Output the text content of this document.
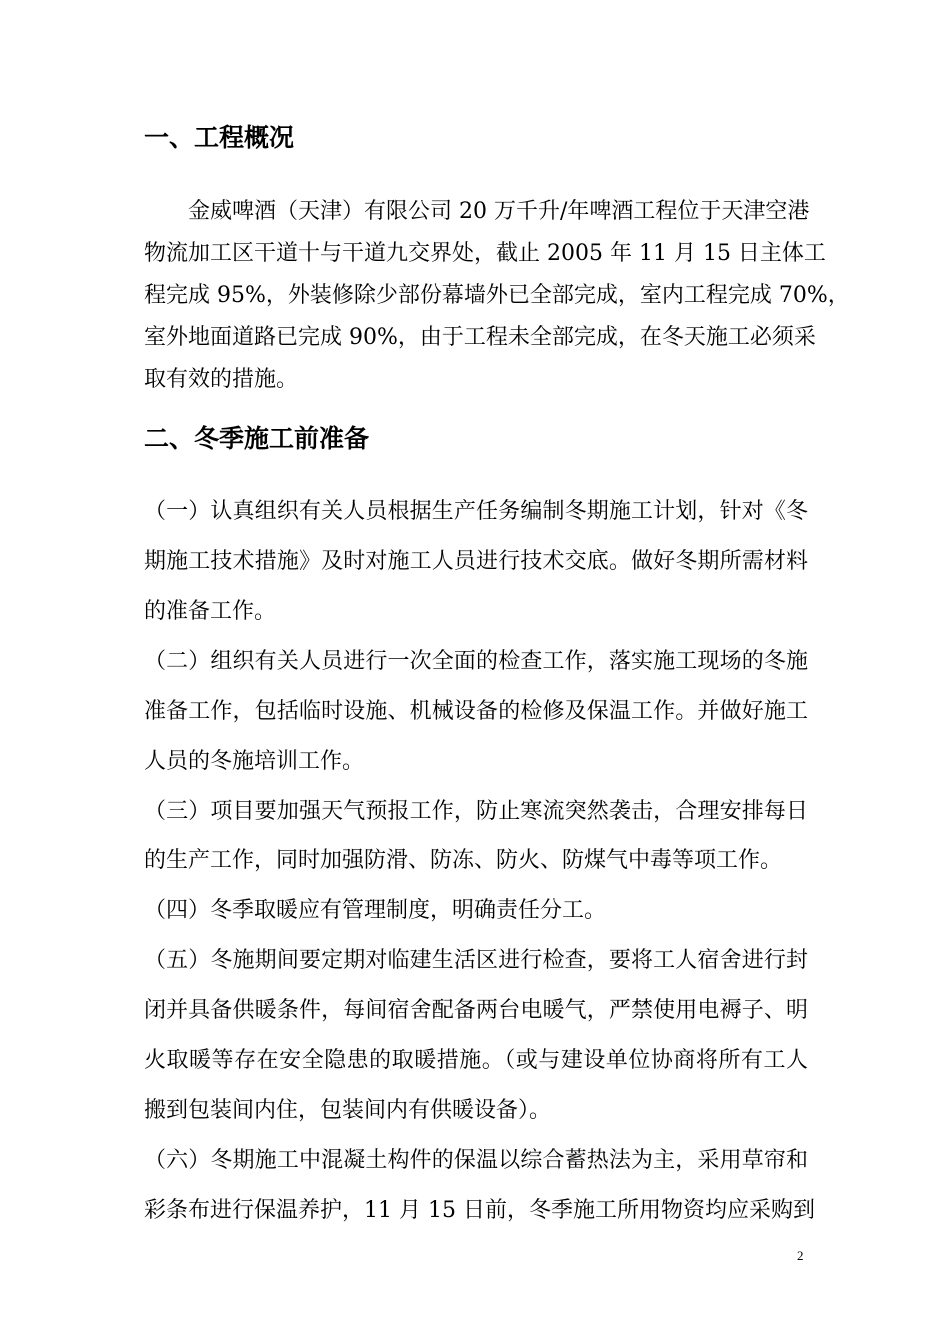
一、工程概况

金威啤酒（天津）有限公司 20 万千升/年啤酒工程位于天津空港

物流加工区干道十与干道九交界处，截止 2005 年 11 月 15 日主体工

程完成 95%，外装修除少部份幕墙外已全部完成，室内工程完成 70%，

室外地面道路已完成 90%，由于工程未全部完成，在冬天施工必须采

取有效的措施。

二、冬季施工前准备

（一）认真组织有关人员根据生产任务编制冬期施工计划，针对《冬

期施工技术措施》及时对施工人员进行技术交底。做好冬期所需材料

的准备工作。

（二）组织有关人员进行一次全面的检查工作，落实施工现场的冬施

准备工作，包括临时设施、机械设备的检修及保温工作。并做好施工

人员的冬施培训工作。

（三）项目要加强天气预报工作，防止寒流突然袭击，合理安排每日

的生产工作，同时加强防滑、防冻、防火、防煤气中毒等项工作。

（四）冬季取暖应有管理制度，明确责任分工。

（五）冬施期间要定期对临建生活区进行检查，要将工人宿舍进行封

闭并具备供暖条件，每间宿舍配备两台电暖气，严禁使用电褥子、明

火取暖等存在安全隐患的取暖措施。（或与建设单位协商将所有工人

搬到包装间内住，包装间内有供暖设备）。

（六）冬期施工中混凝土构件的保温以综合蓄热法为主，采用草帘和

彩条布进行保温养护，11 月 15 日前，冬季施工所用物资均应采购到

2
